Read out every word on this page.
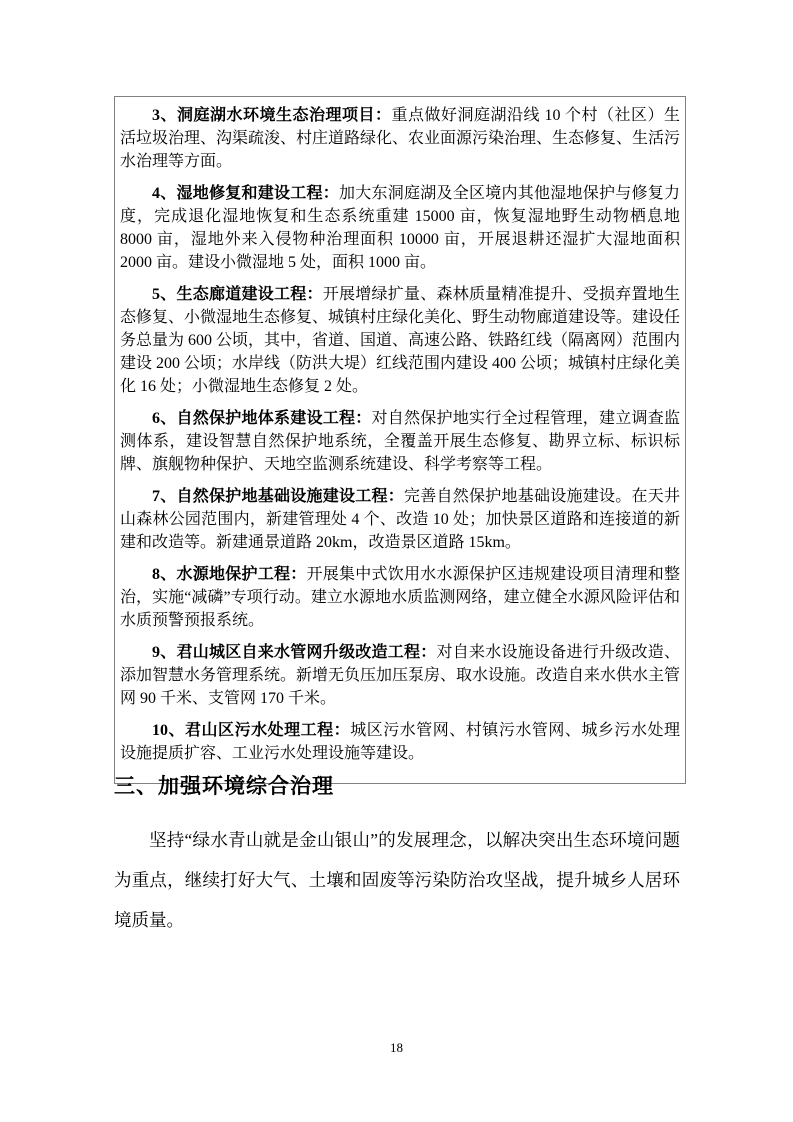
3、洞庭湖水环境生态治理项目：重点做好洞庭湖沿线 10 个村（社区）生活垃圾治理、沟渠疏浚、村庄道路绿化、农业面源污染治理、生态修复、生活污水治理等方面。

4、湿地修复和建设工程：加大东洞庭湖及全区境内其他湿地保护与修复力度，完成退化湿地恢复和生态系统重建 15000 亩，恢复湿地野生动物栖息地 8000 亩，湿地外来入侵物种治理面积 10000 亩，开展退耕还湿扩大湿地面积 2000 亩。建设小微湿地 5 处，面积 1000 亩。

5、生态廊道建设工程：开展增绿扩量、森林质量精准提升、受损弃置地生态修复、小微湿地生态修复、城镇村庄绿化美化、野生动物廊道建设等。建设任务总量为 600 公顷，其中，省道、国道、高速公路、铁路红线（隔离网）范围内建设 200 公顷；水岸线（防洪大堤）红线范围内建设 400 公顷；城镇村庄绿化美化 16 处；小微湿地生态修复 2 处。

6、自然保护地体系建设工程：对自然保护地实行全过程管理，建立调查监测体系，建设智慧自然保护地系统，全覆盖开展生态修复、勘界立标、标识标牌、旗舰物种保护、天地空监测系统建设、科学考察等工程。

7、自然保护地基础设施建设工程：完善自然保护地基础设施建设。在天井山森林公园范围内，新建管理处 4 个、改造 10 处；加快景区道路和连接道的新建和改造等。新建通景道路 20km，改造景区道路 15km。

8、水源地保护工程：开展集中式饮用水水源保护区违规建设项目清理和整治，实施“减磷”专项行动。建立水源地水质监测网络，建立健全水源风险评估和水质预警预报系统。

9、君山城区自来水管网升级改造工程：对自来水设施设备进行升级改造、添加智慧水务管理系统。新增无负压加压泵房、取水设施。改造自来水供水主管网 90 千米、支管网 170 千米。

10、君山区污水处理工程：城区污水管网、村镇污水管网、城乡污水处理设施提质扩容、工业污水处理设施等建设。

三、加强环境综合治理

坚持“绿水青山就是金山银山”的发展理念，以解决突出生态环境问题为重点，继续打好大气、土壤和固废等污染防治攻坚战，提升城乡人居环境质量。

18
